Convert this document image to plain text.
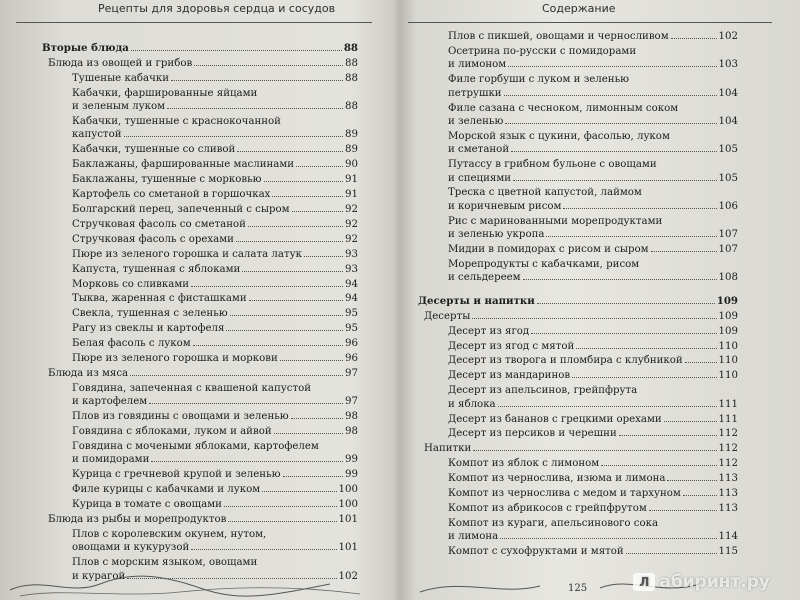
Рецепты для здоровья сердца и сосудов
Вторые блюда	88
Блюда из овощей и грибов	88
Тушеные кабачки	88
Кабачки, фаршированные яйцами
и зеленым луком	88
Кабачки, тушенные с краснокочанной
капустой	89
Кабачки, тушенные со сливой	89
Баклажаны, фаршированные маслинами	90
Баклажаны, тушенные с морковью	91
Картофель со сметаной в горшочках	91
Болгарский перец, запеченный с сыром	92
Стручковая фасоль со сметаной	92
Стручковая фасоль с орехами	92
Пюре из зеленого горошка и салата латук	93
Капуста, тушенная с яблоками	93
Морковь со сливками	94
Тыква, жаренная с фисташками	94
Свекла, тушенная с зеленью	95
Рагу из свеклы и картофеля	95
Белая фасоль с луком	96
Пюре из зеленого горошка и моркови	96
Блюда из мяса	97
Говядина, запеченная с квашеной капустой
и картофелем	97
Плов из говядины с овощами и зеленью	98
Говядина с яблоками, луком и айвой	98
Говядина с мочеными яблоками, картофелем
и помидорами	99
Курица с гречневой крупой и зеленью	99
Филе курицы с кабачками и луком	100
Курица в томате с овощами	100
Блюда из рыбы и морепродуктов	101
Плов с королевским окунем, нутом,
овощами и кукурузой	101
Плов с морским языком, овощами
и курагой	102
Содержание
Плов с пикшей, овощами и черносливом	102
Осетрина по-русски с помидорами
и лимоном	103
Филе горбуши с луком и зеленью
петрушки	104
Филе сазана с чесноком, лимонным соком
и зеленью	104
Морской язык с цукини, фасолью, луком
и сметаной	105
Путассу в грибном бульоне с овощами
и специями	105
Треска с цветной капустой, лаймом
и коричневым рисом	106
Рис с маринованными морепродуктами
и зеленью укропа	107
Мидии в помидорах с рисом и сыром	107
Морепродукты с кабачками, рисом
и сельдереем	108
Десерты и напитки	109
Десерты	109
Десерт из ягод	109
Десерт из ягод с мятой	110
Десерт из творога и пломбира с клубникой	110
Десерт из мандаринов	110
Десерт из апельсинов, грейпфрута
и яблока	111
Десерт из бананов с грецкими орехами	111
Десерт из персиков и черешни	112
Напитки	112
Компот из яблок с лимоном	112
Компот из чернослива, изюма и лимона	113
Компот из чернослива с медом и тархуном	113
Компот из абрикосов с грейпфрутом	113
Компот из кураги, апельсинового сока
и лимона	114
Компот с сухофруктами и мятой	115
125	Л абиринт.ру
